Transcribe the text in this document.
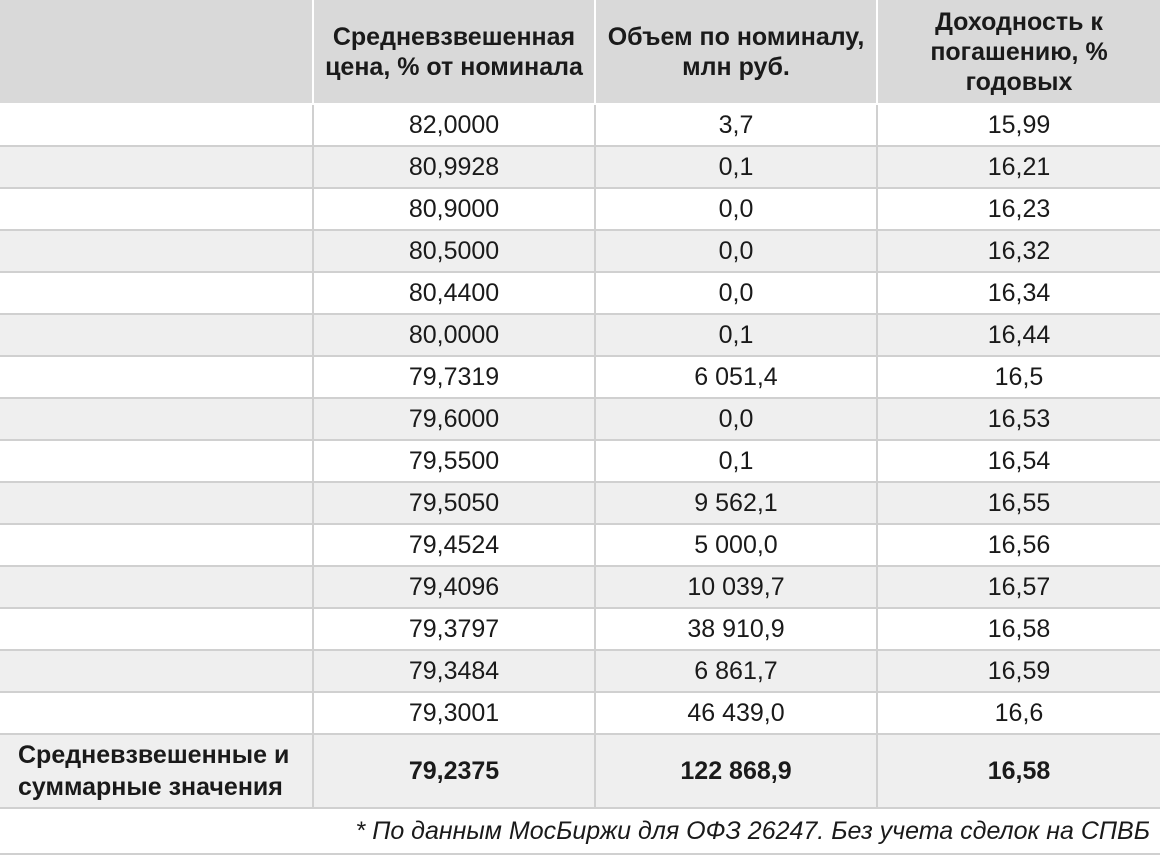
	Средневзвешенная цена, % от номинала	Объем по номиналу, млн руб.	Доходность к погашению, % годовых
	82,0000	3,7	15,99
	80,9928	0,1	16,21
	80,9000	0,0	16,23
	80,5000	0,0	16,32
	80,4400	0,0	16,34
	80,0000	0,1	16,44
	79,7319	6 051,4	16,5
	79,6000	0,0	16,53
	79,5500	0,1	16,54
	79,5050	9 562,1	16,55
	79,4524	5 000,0	16,56
	79,4096	10 039,7	16,57
	79,3797	38 910,9	16,58
	79,3484	6 861,7	16,59
	79,3001	46 439,0	16,6
Средневзвешенные и суммарные значения	79,2375	122 868,9	16,58
* По данным МосБиржи для ОФЗ 26247. Без учета сделок на СПВБ
